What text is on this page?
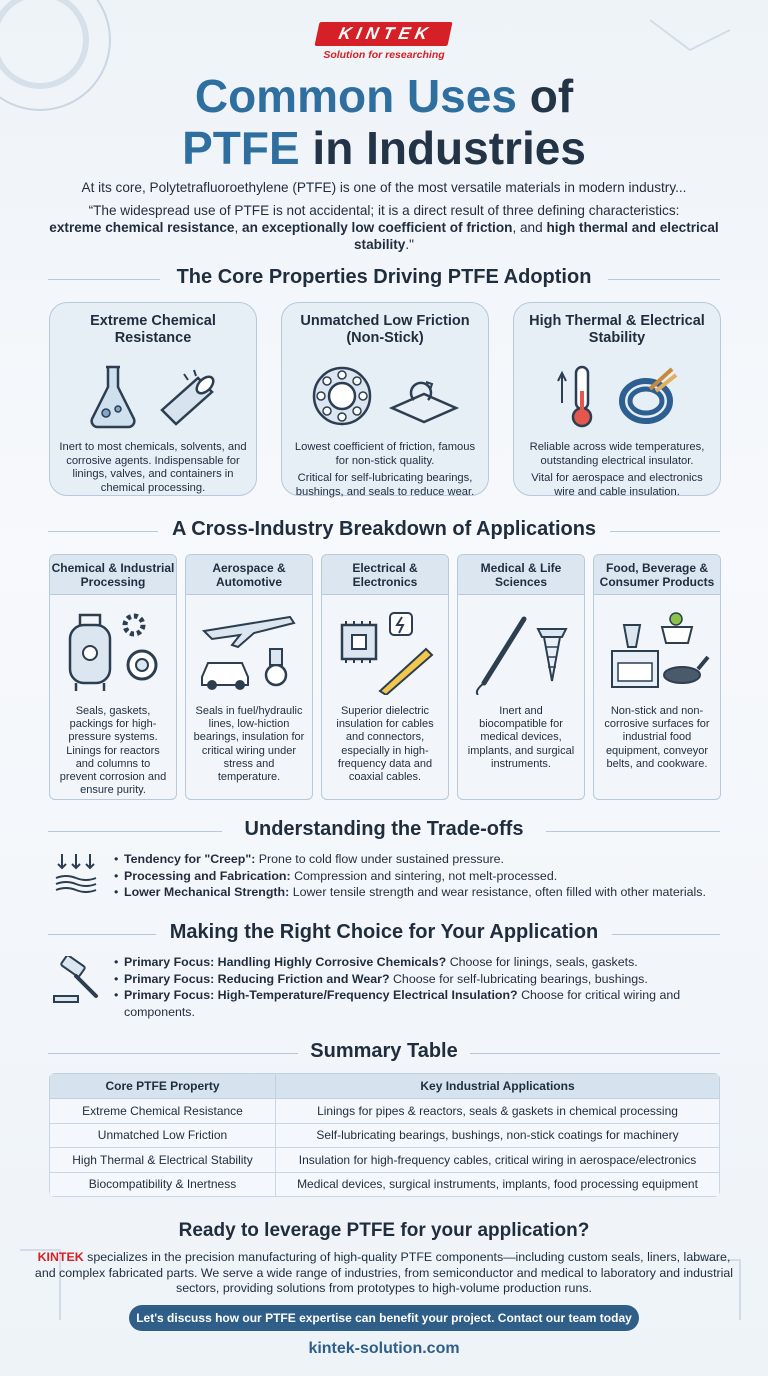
KINTEK
Solution for researching
Common Uses of
PTFE in Industries
At its core, Polytetrafluoroethylene (PTFE) is one of the most versatile materials in modern industry...
“The widespread use of PTFE is not accidental; it is a direct result of three defining characteristics:
extreme chemical resistance, an exceptionally low coefficient of friction, and high thermal and electrical stability."
The Core Properties Driving PTFE Adoption
Extreme Chemical Resistance
Inert to most chemicals, solvents, and corrosive agents. Indispensable for linings, valves, and containers in chemical processing.
Unmatched Low Friction (Non-Stick)
Lowest coefficient of friction, famous for non-stick quality.
Critical for self-lubricating bearings, bushings, and seals to reduce wear.
High Thermal & Electrical Stability
Reliable across wide temperatures, outstanding electrical insulator.
Vital for aerospace and electronics wire and cable insulation.
A Cross-Industry Breakdown of Applications
Chemical & Industrial Processing
Seals, gaskets, packings for high-pressure systems. Linings for reactors and columns to prevent corrosion and ensure purity.
Aerospace & Automotive
Seals in fuel/hydraulic lines, low-hiction bearings, insulation for critical wiring under stress and temperature.
Electrical & Electronics
Superior dielectric insulation for cables and connectors, especially in high-frequency data and coaxial cables.
Medical & Life Sciences
Inert and biocompatible for medical devices, implants, and surgical instruments.
Food, Beverage & Consumer Products
Non-stick and non-corrosive surfaces for industrial food equipment, conveyor belts, and cookware.
Understanding the Trade-offs
• Tendency for "Creep": Prone to cold flow under sustained pressure.
• Processing and Fabrication: Compression and sintering, not melt-processed.
• Lower Mechanical Strength: Lower tensile strength and wear resistance, often filled with other materials.
Making the Right Choice for Your Application
• Primary Focus: Handling Highly Corrosive Chemicals? Choose for linings, seals, gaskets.
• Primary Focus: Reducing Friction and Wear? Choose for self-lubricating bearings, bushings.
• Primary Focus: High-Temperature/Frequency Electrical Insulation? Choose for critical wiring and components.
Summary Table
Core PTFE Property	Key Industrial Applications
Extreme Chemical Resistance	Linings for pipes & reactors, seals & gaskets in chemical processing
Unmatched Low Friction	Self-lubricating bearings, bushings, non-stick coatings for machinery
High Thermal & Electrical Stability	Insulation for high-frequency cables, critical wiring in aerospace/electronics
Biocompatibility & Inertness	Medical devices, surgical instruments, implants, food processing equipment
Ready to leverage PTFE for your application?
KINTEK specializes in the precision manufacturing of high-quality PTFE components—including custom seals, liners, labware, and complex fabricated parts. We serve a wide range of industries, from semiconductor and medical to laboratory and industrial sectors, providing solutions from prototypes to high-volume production runs.
Let's discuss how our PTFE expertise can benefit your project. Contact our team today
kintek-solution.com
